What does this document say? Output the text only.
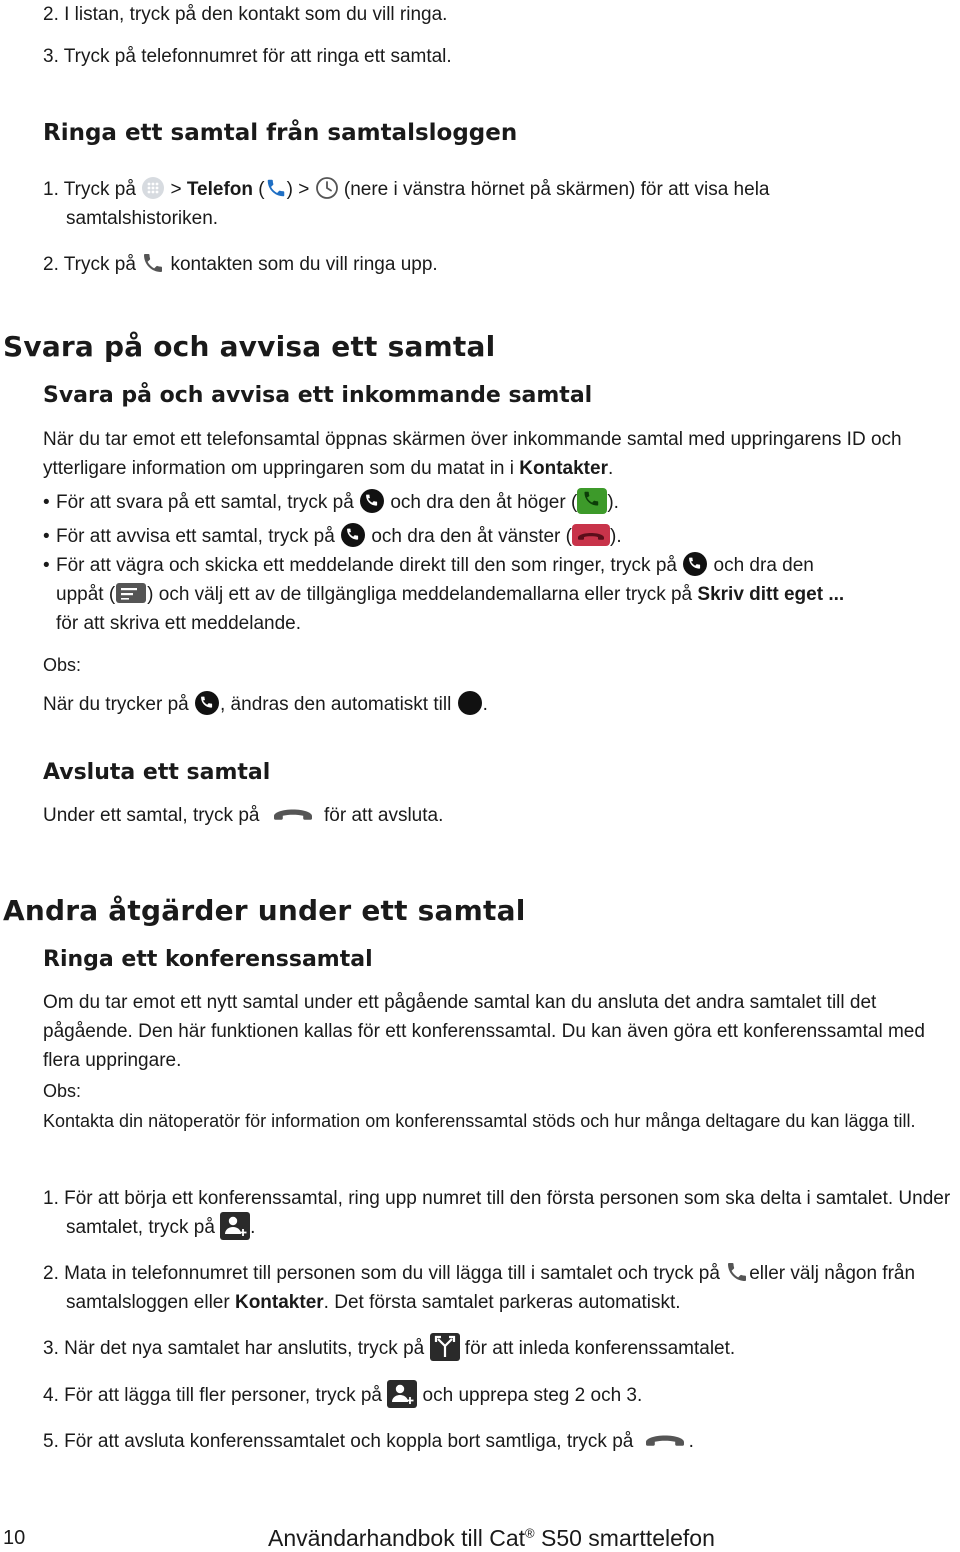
2. I listan, tryck på den kontakt som du vill ringa.
3. Tryck på telefonnumret för att ringa ett samtal.
Ringa ett samtal från samtalsloggen
1. Tryck på
> Telefon ( ) >
(nere i vänstra hörnet på skärmen) för att visa hela samtalshistoriken.
2. Tryck på
kontakten som du vill ringa upp.
Svara på och avvisa ett samtal
Svara på och avvisa ett inkommande samtal
När du tar emot ett telefonsamtal öppnas skärmen över inkommande samtal med uppringarens ID och ytterligare information om uppringaren som du matat in i Kontakter.
• För att svara på ett samtal, tryck på
och dra den åt höger ( ).
• För att avvisa ett samtal, tryck på
och dra den åt vänster ( ).
• För att vägra och skicka ett meddelande direkt till den som ringer, tryck på
och dra den
uppåt ( ) och välj ett av de tillgängliga meddelandemallarna eller tryck på Skriv ditt eget ...
för att skriva ett meddelande.
Obs:
När du trycker på
, ändras den automatiskt till
.
Avsluta ett samtal
Under ett samtal, tryck på	för att avsluta.
Andra åtgärder under ett samtal
Ringa ett konferenssamtal
Om du tar emot ett nytt samtal under ett pågående samtal kan du ansluta det andra samtalet till det pågående. Den här funktionen kallas för ett konferenssamtal. Du kan även göra ett konferenssamtal med flera uppringare.
Obs:
Kontakta din nätoperatör för information om konferenssamtal stöds och hur många deltagare du kan lägga till.
1. För att börja ett konferenssamtal, ring upp numret till den första personen som ska delta i samtalet. Under samtalet, tryck på
.
2. Mata in telefonnumret till personen som du vill lägga till i samtalet och tryck på
eller välj någon från samtalsloggen eller Kontakter. Det första samtalet parkeras automatiskt.
3. När det nya samtalet har anslutits, tryck på
för att inleda konferenssamtalet.
4. För att lägga till fler personer, tryck på
och upprepa steg 2 och 3.
5. För att avsluta konferenssamtalet och koppla bort samtliga, tryck på	.
10	Användarhandbok till Cat® S50 smarttelefon
